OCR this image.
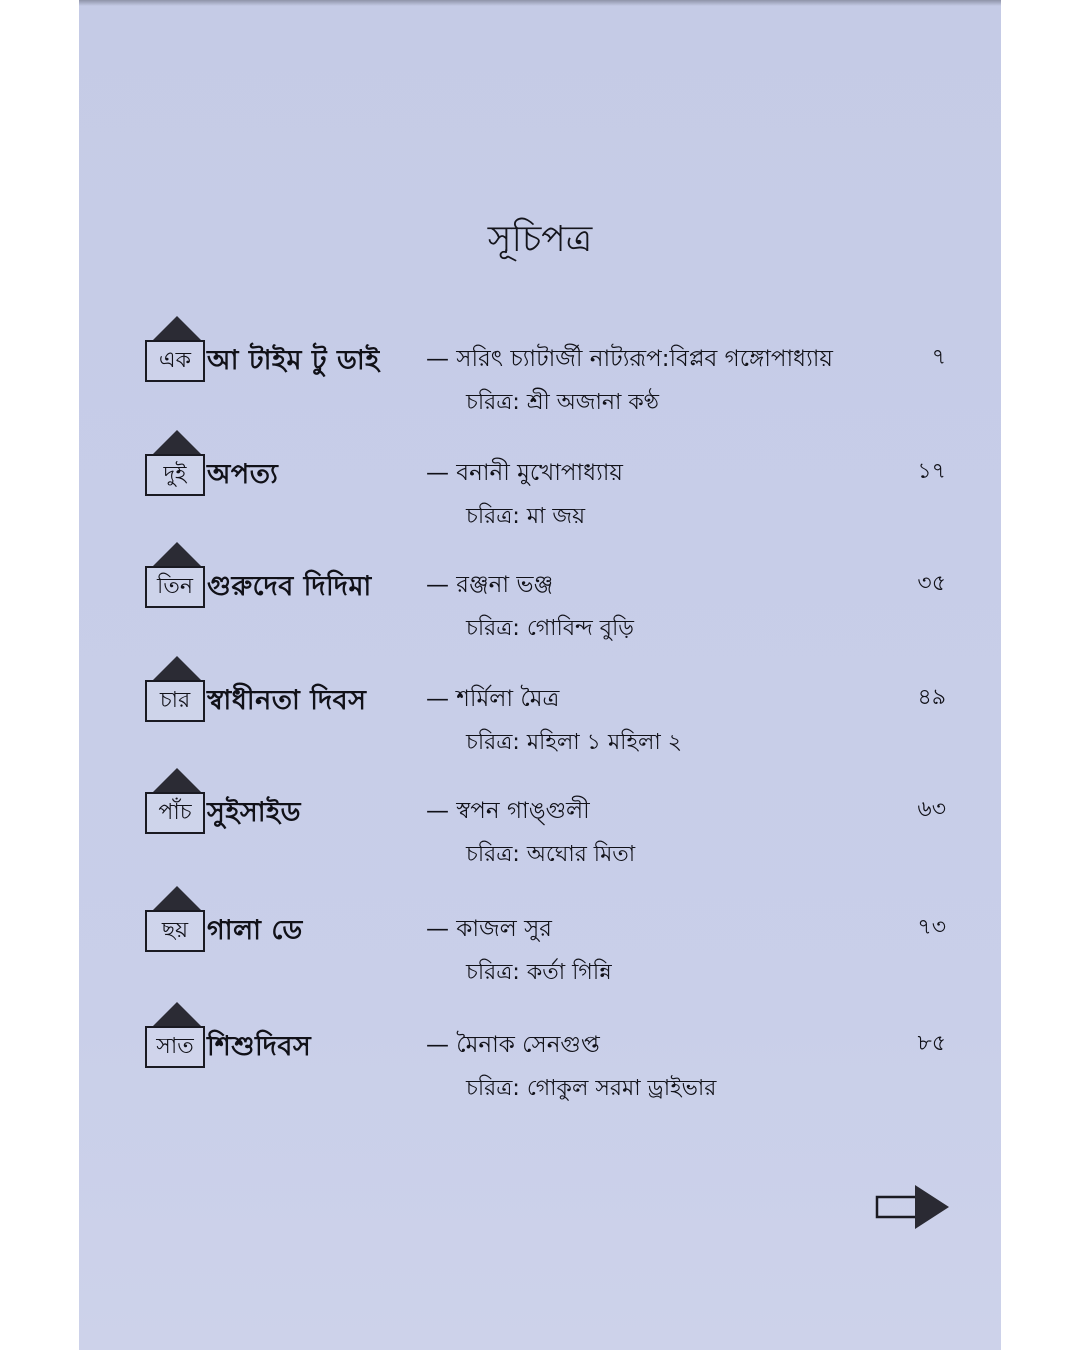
সূচিপত্র
এক আ টাইম টু ডাই — সরিৎ চ্যাটার্জী নাট্যরূপ:বিপ্লব গঙ্গোপাধ্যায়	৭
চরিত্র: শ্রী অজানা কণ্ঠ
দুই অপত্য	— বনানী মুখোপাধ্যায়	১৭
চরিত্র: মা জয়
তিন গুরুদেব দিদিমা — রঞ্জনা ভঞ্জ	৩৫
চরিত্র: গোবিন্দ বুড়ি
চার স্বাধীনতা দিবস	— শর্মিলা মৈত্র	৪৯
চরিত্র: মহিলা ১ মহিলা ২
পাঁচ সুইসাইড	— স্বপন গাঙ্গুলী	৬৩
চরিত্র: অঘোর মিতা
ছয় গালা ডে	— কাজল সুর	৭৩
চরিত্র: কর্তা গিন্নি
সাত শিশুদিবস	— মৈনাক সেনগুপ্ত	৮৫
চরিত্র: গোকুল সরমা ড্রাইভার
